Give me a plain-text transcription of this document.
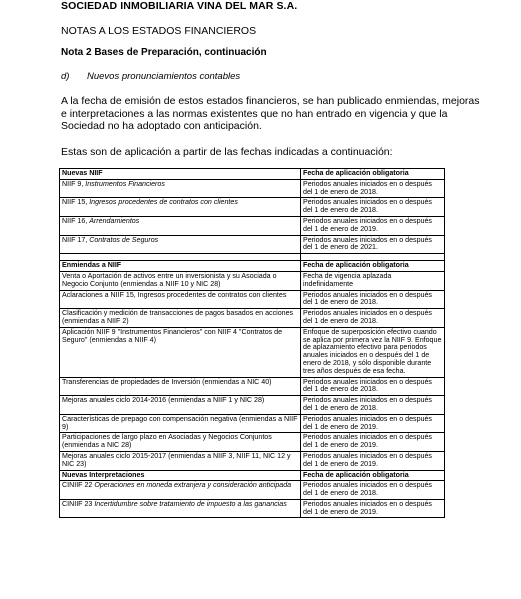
SOCIEDAD INMOBILIARIA VINA DEL MAR S.A.
NOTAS A LOS ESTADOS FINANCIEROS
Nota 2 Bases de Preparación, continuación
d) Nuevos pronunciamientos contables
A la fecha de emisión de estos estados financieros, se han publicado enmiendas, mejoras e interpretaciones a las normas existentes que no han entrado en vigencia y que la Sociedad no ha adoptado con anticipación.
Estas son de aplicación a partir de las fechas indicadas a continuación:
Nuevas NIIF	Fecha de aplicación obligatoria
NIIF 9, Instrumentos Financieros	Periodos anuales iniciados en o después del 1 de enero de 2018.
NIIF 15, Ingresos procedentes de contratos con clientes	Periodos anuales iniciados en o después del 1 de enero de 2018.
NIIF 16, Arrendamientos	Periodos anuales iniciados en o después del 1 de enero de 2019.
NIIF 17, Contratos de Seguros	Periodos anuales iniciados en o después del 1 de enero de 2021.

Enmiendas a NIIF	Fecha de aplicación obligatoria
Venta o Aportación de activos entre un inversionista y su Asociada o Negocio Conjunto (enmiendas a NIIF 10 y NIC 28)	Fecha de vigencia aplazada indefinidamente
Aclaraciones a NIIF 15, Ingresos procedentes de contratos con clientes	Periodos anuales iniciados en o después del 1 de enero de 2018.
Clasificación y medición de transacciones de pagos basados en acciones (enmiendas a NIIF 2)	Periodos anuales iniciados en o después del 1 de enero de 2018.
Aplicación NIIF 9 "Instrumentos Financieros" con NIIF 4 "Contratos de Seguro" (enmiendas a NIIF 4)	Enfoque de superposición efectivo cuando se aplica por primera vez la NIIF 9. Enfoque de aplazamiento efectivo para periodos anuales iniciados en o después del 1 de enero de 2018, y sólo disponible durante tres años después de esa fecha.
Transferencias de propiedades de Inversión (enmiendas a NIC 40)	Periodos anuales iniciados en o después del 1 de enero de 2018.
Mejoras anuales ciclo 2014-2016 (enmiendas a NIIF 1 y NIC 28)	Periodos anuales iniciados en o después del 1 de enero de 2018.
Características de prepago con compensación negativa (enmiendas a NIIF 9)	Periodos anuales iniciados en o después del 1 de enero de 2019.
Participaciones de largo plazo en Asociadas y Negocios Conjuntos (enmiendas a NIC 28)	Periodos anuales iniciados en o después del 1 de enero de 2019.
Mejoras anuales ciclo 2015-2017 (enmiendas a NIIF 3, NIIF 11, NIC 12 y NIC 23)	Periodos anuales iniciados en o después del 1 de enero de 2019.
Nuevas Interpretaciones	Fecha de aplicación obligatoria
CINIIF 22 Operaciones en moneda extranjera y consideración anticipada	Periodos anuales iniciados en o después del 1 de enero de 2018.
CINIIF 23 Incertidumbre sobre tratamiento de impuesto a las ganancias	Periodos anuales iniciados en o después del 1 de enero de 2019.
